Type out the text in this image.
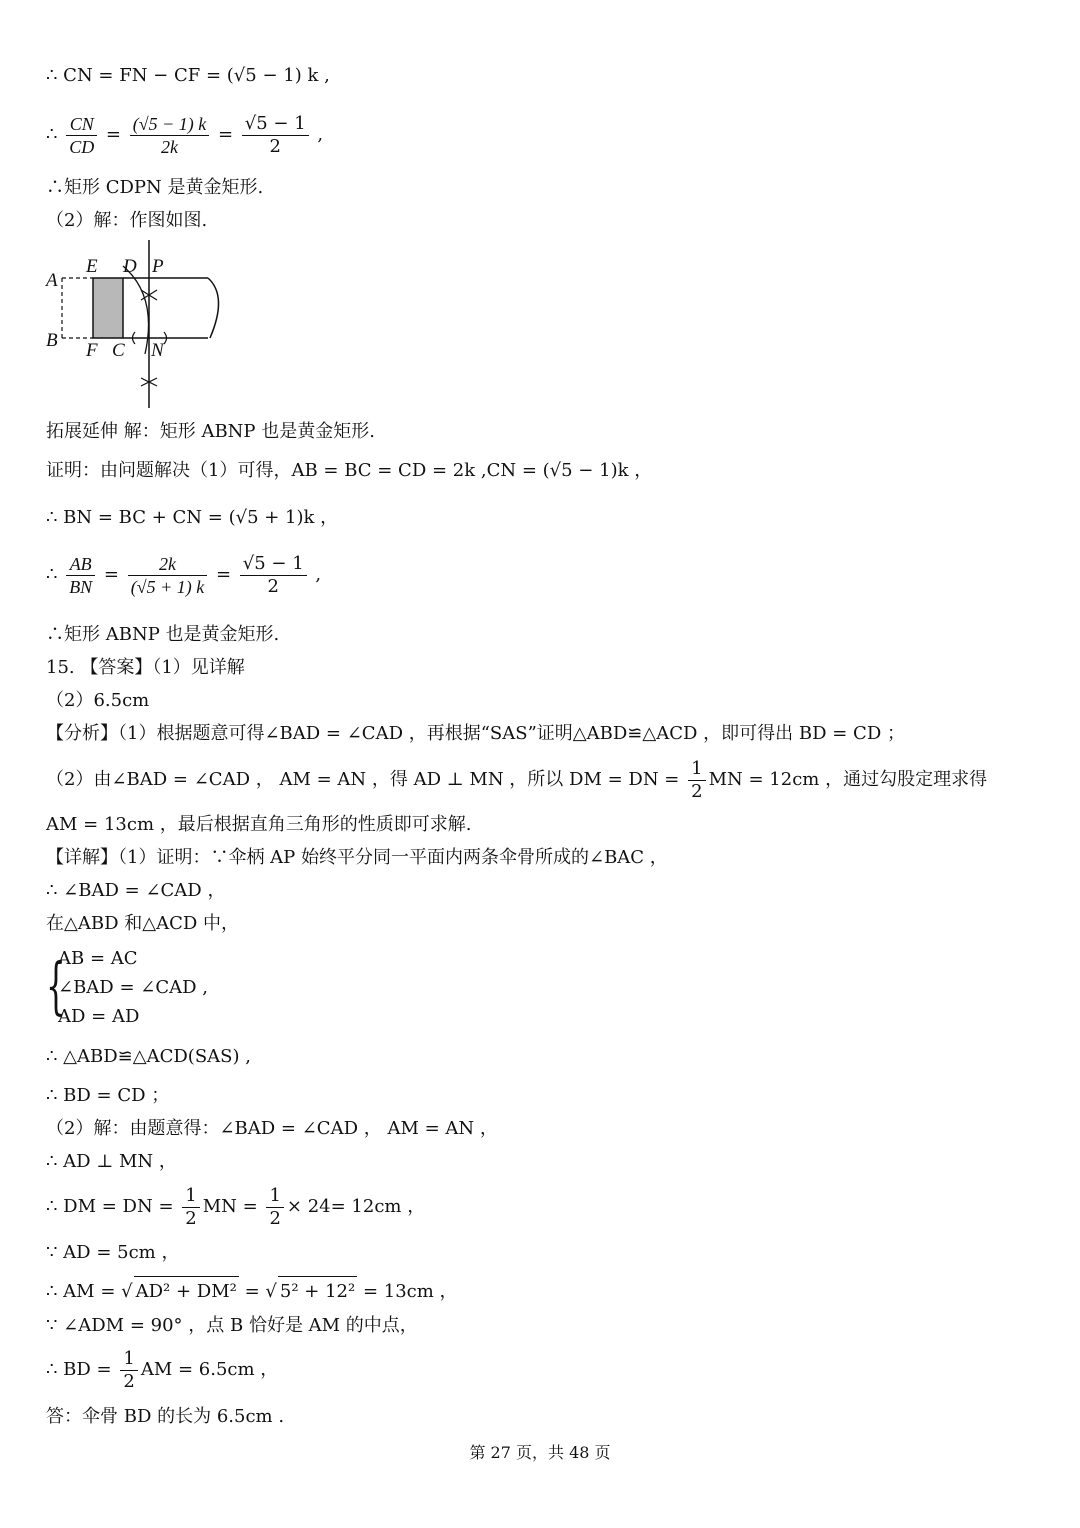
∴ CN = FN − CF = (√5 − 1) k ,
∴ $\frac{CN}{CD} = \frac{(√5 - 1) k}{2k} = \frac{√5 - 1}{2}$ ,
∴矩形 CDPN 是黄金矩形.
（2）解：作图如图.
A
B
E D P
F C N
拓展延伸 解：矩形 ABNP 也是黄金矩形.
证明：由问题解决（1）可得，AB = BC = CD = 2k ,CN = (√5 − 1)k ，
∴ BN = BC + CN = (√5 + 1)k ，
∴ $\frac{AB}{BN} = \frac{2k}{(√5 + 1) k} = \frac{√5 - 1}{2}$ ,
∴矩形 ABNP 也是黄金矩形.
15. 【答案】（1）见详解
（2）6.5cm
【分析】（1）根据题意可得∠BAD = ∠CAD ，再根据“SAS”证明△ABD≌△ACD ，即可得出 BD = CD ；
（2）由∠BAD = ∠CAD ， AM = AN ，得 AD ⊥ MN ，所以 DM = DN = $\frac{1}{2}$ MN = 12cm ，通过勾股定理求得
AM = 13cm ，最后根据直角三角形的性质即可求解.
【详解】（1）证明：∵伞柄 AP 始终平分同一平面内两条伞骨所成的∠BAC ，
∴ ∠BAD = ∠CAD ，
在△ABD 和△ACD 中，
{
AB = AC
∠BAD = ∠CAD ,
AD = AD
∴ △ABD≌△ACD(SAS) ,
∴ BD = CD ；
（2）解：由题意得：∠BAD = ∠CAD ， AM = AN ，
∴ AD ⊥ MN ，
∴ DM = DN = $\frac{1}{2}$ MN = $\frac{1}{2} \times 24= 12cm$ ，
∵ AD = 5cm ，
∴ AM = √ AD² + DM² = √ 5² + 12² = 13cm ，
∵ ∠ADM = 90° ，点 B 恰好是 AM 的中点，
∴ BD = $\frac{1}{2}$ AM = 6.5cm ，
答：伞骨 BD 的长为 6.5cm .
第 27 页，共 48 页
